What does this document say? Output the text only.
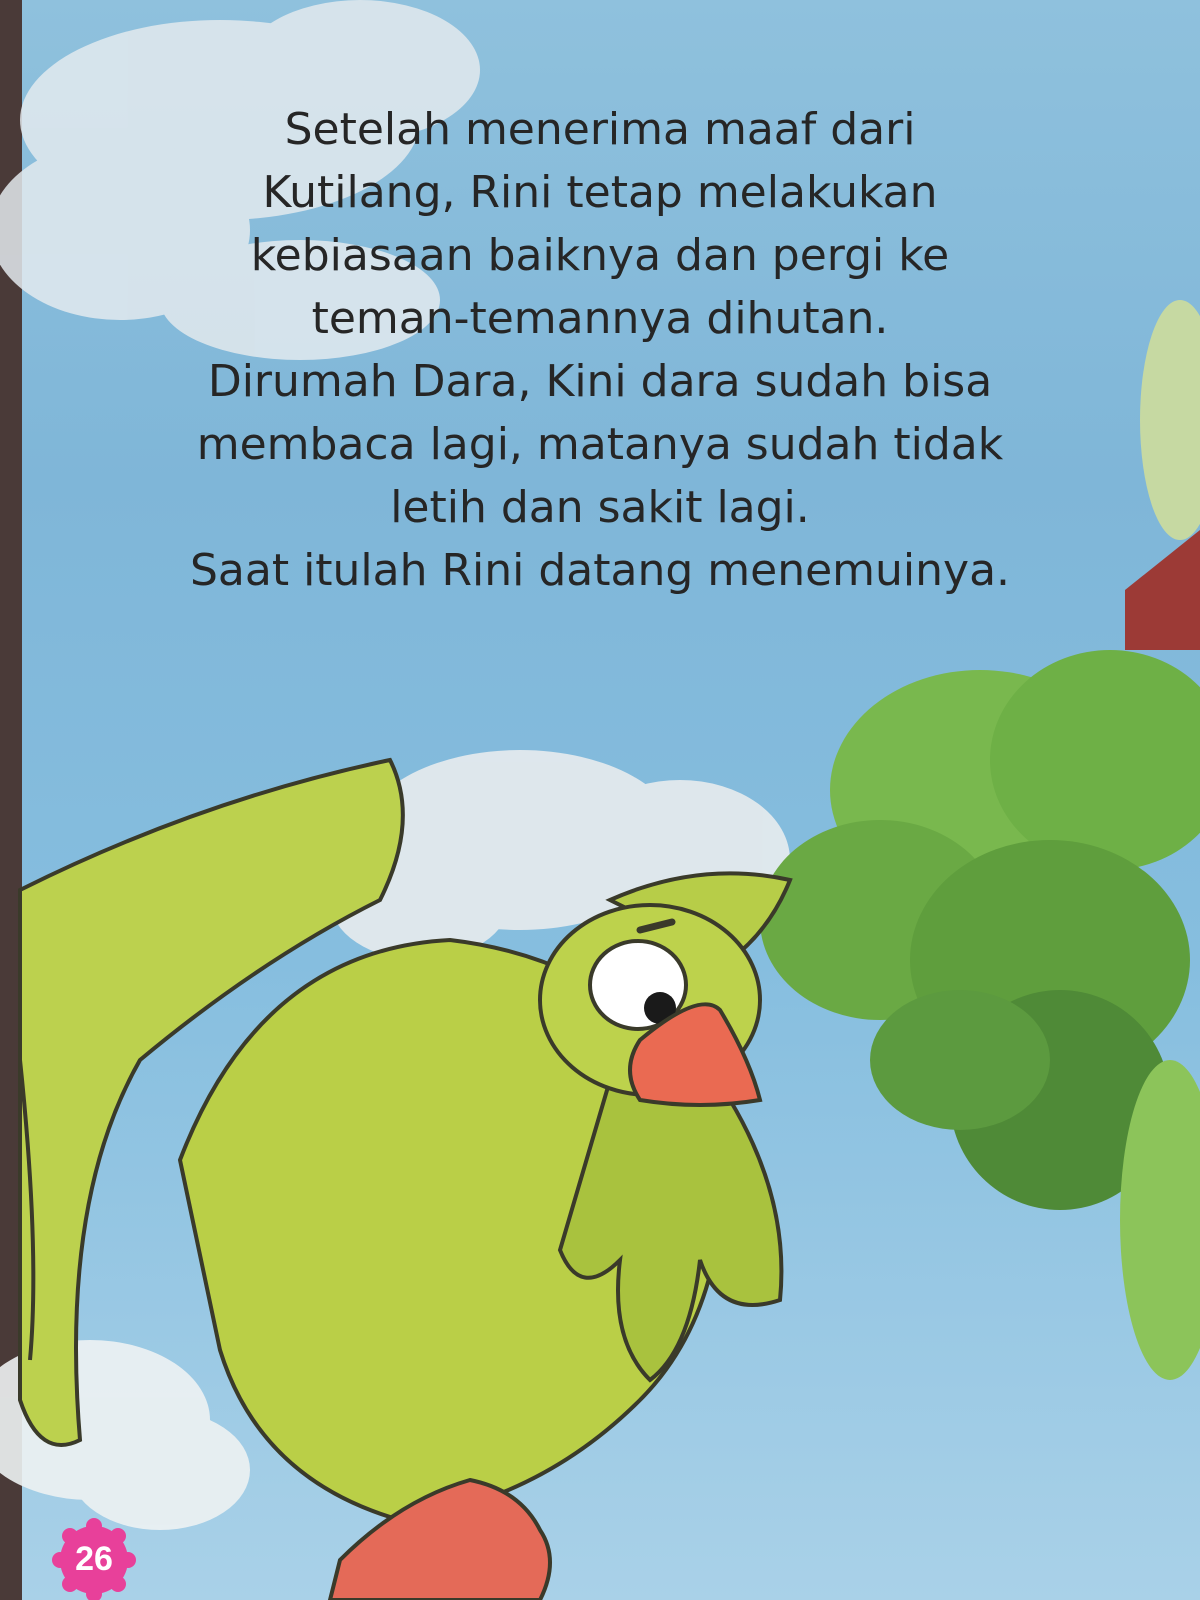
Setelah menerima maaf dari
Kutilang, Rini tetap melakukan
kebiasaan baiknya dan pergi ke
teman-temannya dihutan.
Dirumah Dara, Kini dara sudah bisa
membaca lagi, matanya sudah tidak
letih dan sakit lagi.
Saat itulah Rini datang menemuinya.
26
